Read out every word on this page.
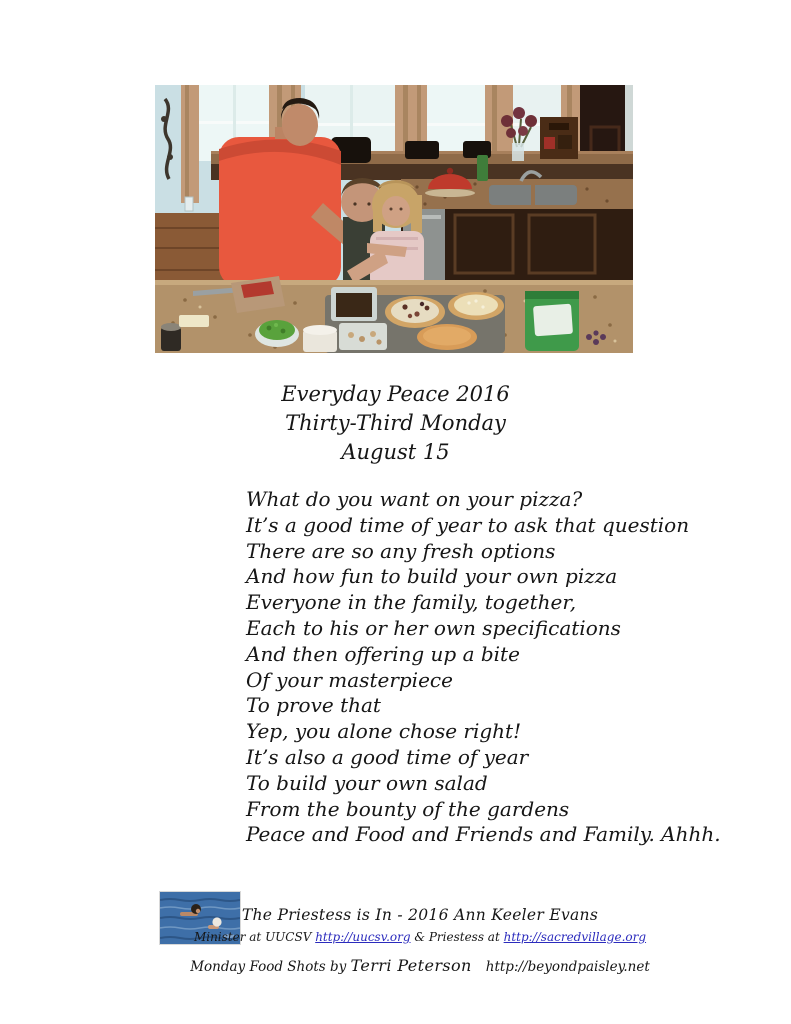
Everyday Peace 2016
Thirty-Third Monday
August 15
What do you want on your pizza?
It’s a good time of year to ask that question
There are so any fresh options
And how fun to build your own pizza
Everyone in the family, together,
Each to his or her own specifications
And then offering up a bite
Of your masterpiece
To prove that
Yep, you alone chose right!
It’s also a good time of year
To build your own salad
From the bounty of the gardens
Peace and Food and Friends and Family. Ahhh.
The Priestess is In - 2016 Ann Keeler Evans
Minister at UUCSV http://uucsv.org & Priestess at http://sacredvillage.org
Monday Food Shots by Terri Peterson http://beyondpaisley.net
